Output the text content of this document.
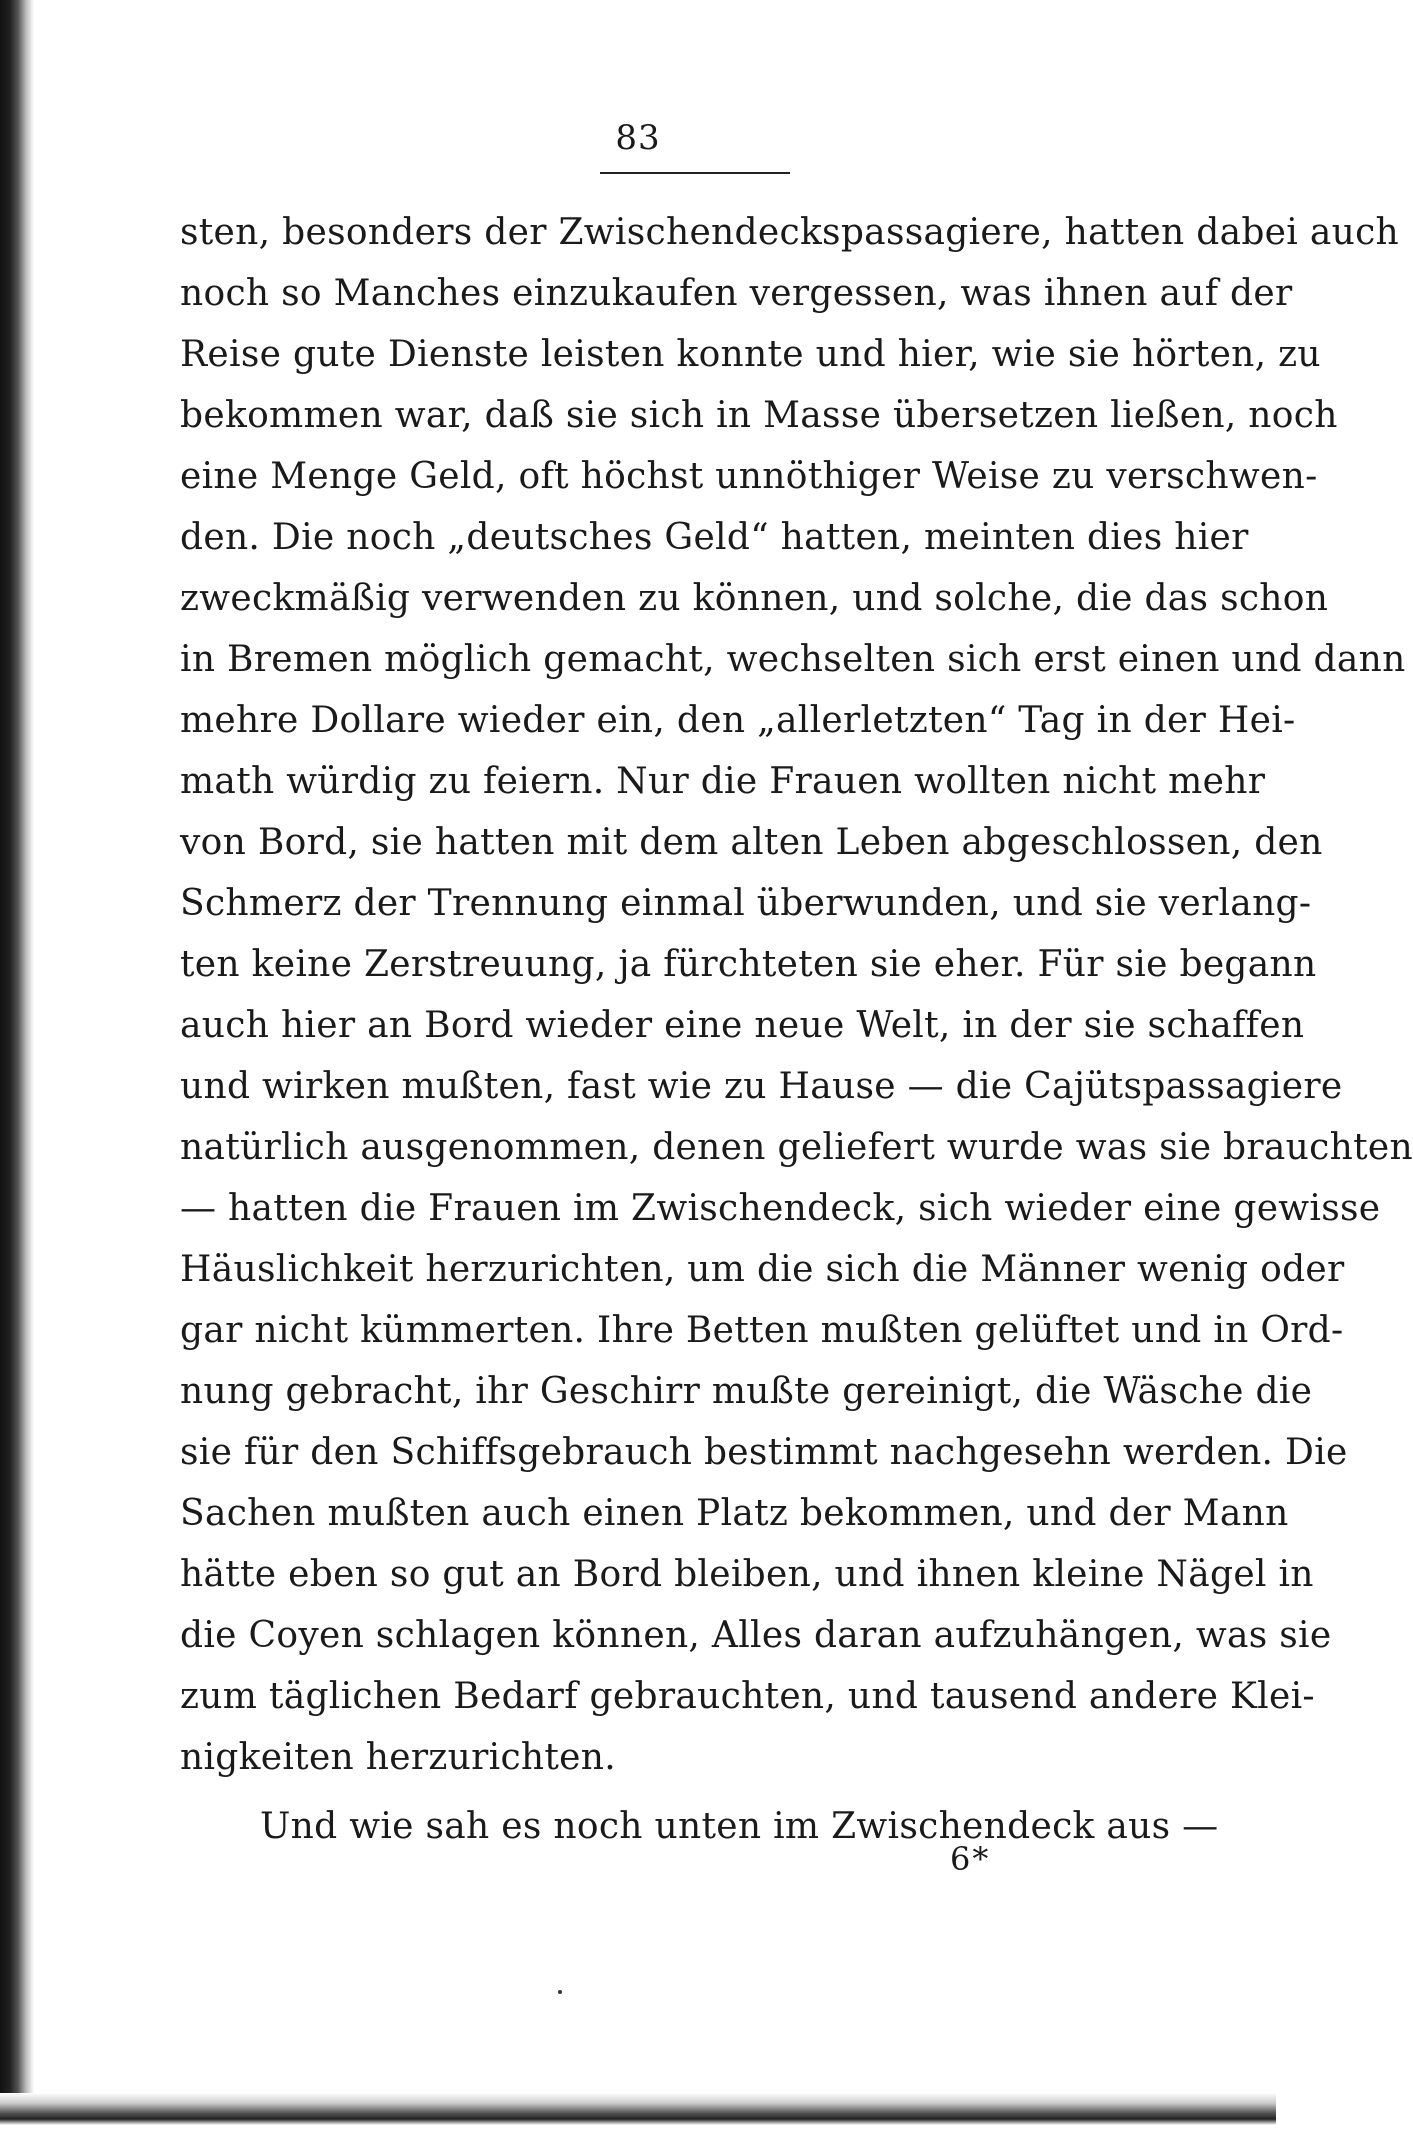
83
sten, besonders der Zwischendeckspassagiere, hatten dabei auch
noch so Manches einzukaufen vergessen, was ihnen auf der
Reise gute Dienste leisten konnte und hier, wie sie hörten, zu
bekommen war, daß sie sich in Masse übersetzen ließen, noch
eine Menge Geld, oft höchst unnöthiger Weise zu verschwen-
den. Die noch „deutsches Geld“ hatten, meinten dies hier
zweckmäßig verwenden zu können, und solche, die das schon
in Bremen möglich gemacht, wechselten sich erst einen und dann
mehre Dollare wieder ein, den „allerletzten“ Tag in der Hei-
math würdig zu feiern. Nur die Frauen wollten nicht mehr
von Bord, sie hatten mit dem alten Leben abgeschlossen, den
Schmerz der Trennung einmal überwunden, und sie verlang-
ten keine Zerstreuung, ja fürchteten sie eher. Für sie begann
auch hier an Bord wieder eine neue Welt, in der sie schaffen
und wirken mußten, fast wie zu Hause — die Cajütspassagiere
natürlich ausgenommen, denen geliefert wurde was sie brauchten
— hatten die Frauen im Zwischendeck, sich wieder eine gewisse
Häuslichkeit herzurichten, um die sich die Männer wenig oder
gar nicht kümmerten. Ihre Betten mußten gelüftet und in Ord-
nung gebracht, ihr Geschirr mußte gereinigt, die Wäsche die
sie für den Schiffsgebrauch bestimmt nachgesehn werden. Die
Sachen mußten auch einen Platz bekommen, und der Mann
hätte eben so gut an Bord bleiben, und ihnen kleine Nägel in
die Coyen schlagen können, Alles daran aufzuhängen, was sie
zum täglichen Bedarf gebrauchten, und tausend andere Klei-
nigkeiten herzurichten.
Und wie sah es noch unten im Zwischendeck aus —
6*
